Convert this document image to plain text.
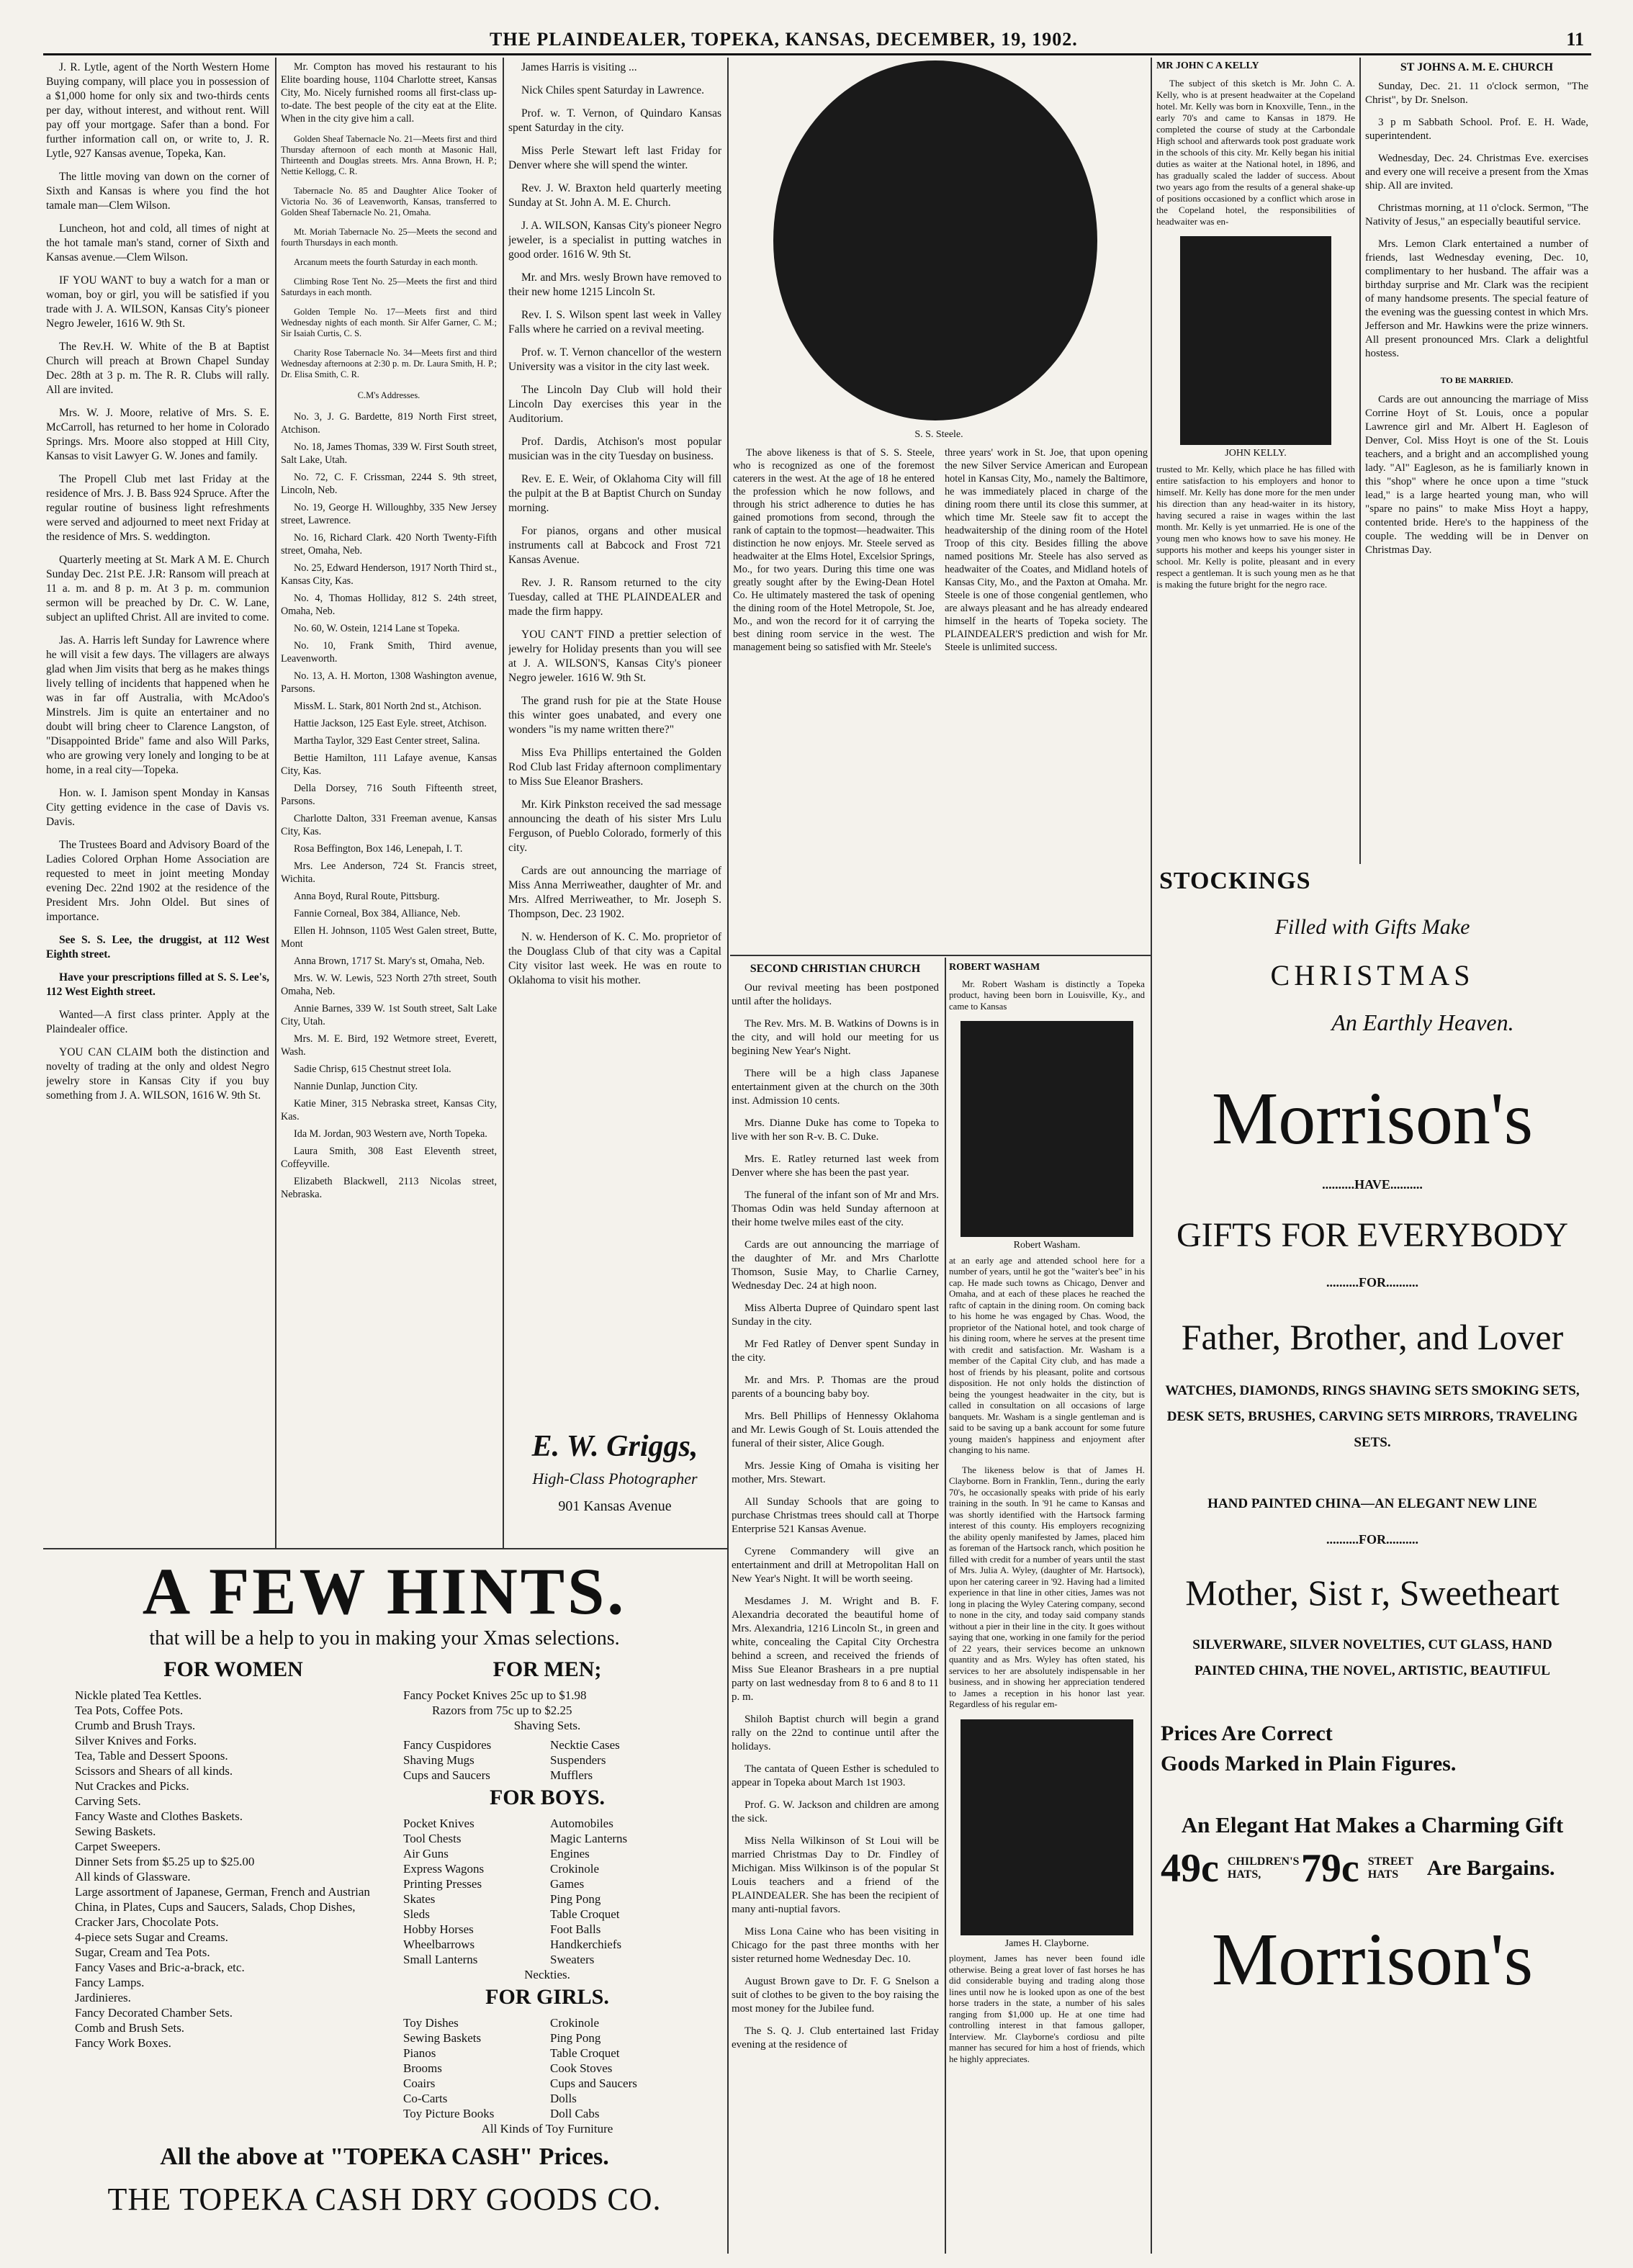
THE PLAINDEALER, TOPEKA, KANSAS, DECEMBER, 19, 1902.	11

J. R. Lytle, agent of the North Western Home Buying company, will place you in possession of a $1,000 home for only six and two-thirds cents per day, without interest, and without rent. Will pay off your mortgage. Safer than a bond. For further information call on, or write to, J. R. Lytle, 927 Kansas avenue, Topeka, Kan.

The little moving van down on the corner of Sixth and Kansas is where you find the hot tamale man—Clem Wilson.

Luncheon, hot and cold, all times of night at the hot tamale man's stand, corner of Sixth and Kansas avenue.—Clem Wilson.

IF YOU WANT to buy a watch for a man or woman, boy or girl, you will be satisfied if you trade with J. A. WILSON, Kansas City's pioneer Negro Jeweler, 1616 W. 9th St.

The Rev.H. W. White of the B at Baptist Church will preach at Brown Chapel Sunday Dec. 28th at 3 p. m. The R. R. Clubs will rally. All are invited.

Mrs. W. J. Moore, relative of Mrs. S. E. McCarroll, has returned to her home in Colorado Springs. Mrs. Moore also stopped at Hill City, Kansas to visit Lawyer G. W. Jones and family.

The Propell Club met last Friday at the residence of Mrs. J. B. Bass 924 Spruce. After the regular routine of business light refreshments were served and adjourned to meet next Friday at the residence of Mrs. S. weddington.

Quarterly meeting at St. Mark A M. E. Church Sunday Dec. 21st P.E. J.R: Ransom will preach at 11 a. m. and 8 p. m. At 3 p. m. communion sermon will be preached by Dr. C. W. Lane, subject an uplifted Christ. All are invited to come.

Jas. A. Harris left Sunday for Lawrence where he will visit a few days. The villagers are always glad when Jim visits that berg as he makes things lively telling of incidents that happened when he was in far off Australia, with McAdoo's Minstrels. Jim is quite an entertainer and no doubt will bring cheer to Clarence Langston, of "Disappointed Bride" fame and also Will Parks, who are growing very lonely and longing to be at home, in a real city—Topeka.

Hon. w. I. Jamison spent Monday in Kansas City getting evidence in the case of Davis vs. Davis.

The Trustees Board and Advisory Board of the Ladies Colored Orphan Home Association are requested to meet in joint meeting Monday evening Dec. 22nd 1902 at the residence of the President Mrs. John Oldel. But sines of importance.

See S. S. Lee, the druggist, at 112 West Eighth street.

Have your prescriptions filled at S. S. Lee's, 112 West Eighth street.

Wanted—A first class printer. Apply at the Plaindealer office.

YOU CAN CLAIM both the distinction and novelty of trading at the only and oldest Negro jewelry store in Kansas City if you buy something from J. A. WILSON, 1616 W. 9th St.

Mr. Compton has moved his restaurant to his Elite boarding house, 1104 Charlotte street, Kansas City, Mo. Nicely furnished rooms all first-class up-to-date. The best people of the city eat at the Elite. When in the city give him a call.

Golden Sheaf Tabernacle No. 21—Meets first and third Thursday afternoon of each month at Masonic Hall, Thirteenth and Douglas streets. Mrs. Anna Brown, H. P.; Nettie Kellogg, C. R.

Tabernacle No. 85 and Daughter Alice Tooker of Victoria No. 36 of Leavenworth, Kansas, transferred to Golden Sheaf Tabernacle No. 21, Omaha.

Mt. Moriah Tabernacle No. 25—Meets the second and fourth Thursdays in each month.

Arcanum meets the fourth Saturday in each month.

Climbing Rose Tent No. 25—Meets the first and third Saturdays in each month.

Golden Temple No. 17—Meets first and third Wednesday nights of each month. Sir Alfer Garner, C. M.; Sir Isaiah Curtis, C. S.

Charity Rose Tabernacle No. 34—Meets first and third Wednesday afternoons at 2:30 p. m. Dr. Laura Smith, H. P.; Dr. Elisa Smith, C. R.

C.M's Addresses.

No. 3, J. G. Bardette, 819 North First street, Atchison.

No. 18, James Thomas, 339 W. First South street, Salt Lake, Utah.

No. 72, C. F. Crissman, 2244 S. 9th street, Lincoln, Neb.

No. 19, George H. Willoughby, 335 New Jersey street, Lawrence.

No. 16, Richard Clark. 420 North Twenty-Fifth street, Omaha, Neb.

No. 25, Edward Henderson, 1917 North Third st., Kansas City, Kas.

No. 4, Thomas Holliday, 812 S. 24th street, Omaha, Neb.

No. 60, W. Ostein, 1214 Lane st Topeka.

No. 10, Frank Smith, Third avenue, Leavenworth.

No. 13, A. H. Morton, 1308 Washington avenue, Parsons.

MissM. L. Stark, 801 North 2nd st., Atchison.

Hattie Jackson, 125 East Eyle. street, Atchison.

Martha Taylor, 329 East Center street, Salina.

Bettie Hamilton, 111 Lafaye avenue, Kansas City, Kas.

Della Dorsey, 716 South Fifteenth street, Parsons.

Charlotte Dalton, 331 Freeman avenue, Kansas City, Kas.

Rosa Beffington, Box 146, Lenepah, I. T.

Mrs. Lee Anderson, 724 St. Francis street, Wichita.

Anna Boyd, Rural Route, Pittsburg.

Fannie Corneal, Box 384, Alliance, Neb.

Ellen H. Johnson, 1105 West Galen street, Butte, Mont

Anna Brown, 1717 St. Mary's st, Omaha, Neb.

Mrs. W. W. Lewis, 523 North 27th street, South Omaha, Neb.

Annie Barnes, 339 W. 1st South street, Salt Lake City, Utah.

Mrs. M. E. Bird, 192 Wetmore street, Everett, Wash.

Sadie Chrisp, 615 Chestnut street Iola.

Nannie Dunlap, Junction City.

Katie Miner, 315 Nebraska street, Kansas City, Kas.

Ida M. Jordan, 903 Western ave, North Topeka.

Laura Smith, 308 East Eleventh street, Coffeyville.

Elizabeth Blackwell, 2113 Nicolas street, Nebraska.

James Harris is visiting ...

Nick Chiles spent Saturday in Lawrence.

Prof. w. T. Vernon, of Quindaro Kansas spent Saturday in the city.

Miss Perle Stewart left last Friday for Denver where she will spend the winter.

Rev. J. W. Braxton held quarterly meeting Sunday at St. John A. M. E. Church.

J. A. WILSON, Kansas City's pioneer Negro jeweler, is a specialist in putting watches in good order. 1616 W. 9th St.

Mr. and Mrs. wesly Brown have removed to their new home 1215 Lincoln St.

Rev. I. S. Wilson spent last week in Valley Falls where he carried on a revival meeting.

Prof. w. T. Vernon chancellor of the western University was a visitor in the city last week.

The Lincoln Day Club will hold their Lincoln Day exercises this year in the Auditorium.

Prof. Dardis, Atchison's most popular musician was in the city Tuesday on business.

Rev. E. E. Weir, of Oklahoma City will fill the pulpit at the B at Baptist Church on Sunday morning.

For pianos, organs and other musical instruments call at Babcock and Frost 721 Kansas Avenue.

Rev. J. R. Ransom returned to the city Tuesday, called at THE PLAINDEALER and made the firm happy.

YOU CAN'T FIND a prettier selection of jewelry for Holiday presents than you will see at J. A. WILSON'S, Kansas City's pioneer Negro jeweler. 1616 W. 9th St.

The grand rush for pie at the State House this winter goes unabated, and every one wonders "is my name written there?"

Miss Eva Phillips entertained the Golden Rod Club last Friday afternoon complimentary to Miss Sue Eleanor Brashers.

Mr. Kirk Pinkston received the sad message announcing the death of his sister Mrs Lulu Ferguson, of Pueblo Colorado, formerly of this city.

Cards are out announcing the marriage of Miss Anna Merriweather, daughter of Mr. and Mrs. Alfred Merriweather, to Mr. Joseph S. Thompson, Dec. 23 1902.

N. w. Henderson of K. C. Mo. proprietor of the Douglass Club of that city was a Capital City visitor last week. He was en route to Oklahoma to visit his mother.

E. W. Griggs,
High-Class Photographer
901 Kansas Avenue
S. S. Steele.

The above likeness is that of S. S. Steele, who is recognized as one of the foremost caterers in the west. At the age of 18 he entered the profession which he now follows, and through his strict adherence to duties he has gained promotions from second, through the rank of captain to the topmost—headwaiter. This distinction he now enjoys. Mr. Steele served as headwaiter at the Elms Hotel, Excelsior Springs, Mo., for two years. During this time one was greatly sought after by the Ewing-Dean Hotel Co. He ultimately mastered the task of opening the dining room of the Hotel Metropole, St. Joe, Mo., and won the record for it of carrying the best dining room service in the west. The management being so satisfied with Mr. Steele's

three years' work in St. Joe, that upon opening the new Silver Service American and European hotel in Kansas City, Mo., namely the Baltimore, he was immediately placed in charge of the dining room there until its close this summer, at which time Mr. Steele saw fit to accept the headwaitership of the dining room of the Hotel Troop of this city. Besides filling the above named positions Mr. Steele has also served as headwaiter of the Coates, and Midland hotels of Kansas City, Mo., and the Paxton at Omaha. Mr. Steele is one of those congenial gentlemen, who are always pleasant and he has already endeared himself in the hearts of Topeka society. The PLAINDEALER'S prediction and wish for Mr. Steele is unlimited success.

SECOND CHRISTIAN CHURCH

Our revival meeting has been postponed until after the holidays.

The Rev. Mrs. M. B. Watkins of Downs is in the city, and will hold our meeting for us begining New Year's Night.

There will be a high class Japanese entertainment given at the church on the 30th inst. Admission 10 cents.

Mrs. Dianne Duke has come to Topeka to live with her son R-v. B. C. Duke.

Mrs. E. Ratley returned last week from Denver where she has been the past year.

The funeral of the infant son of Mr and Mrs. Thomas Odin was held Sunday afternoon at their home twelve miles east of the city.

Cards are out announcing the marriage of the daughter of Mr. and Mrs Charlotte Thomson, Susie May, to Charlie Carney, Wednesday Dec. 24 at high noon.

Miss Alberta Dupree of Quindaro spent last Sunday in the city.

Mr Fed Ratley of Denver spent Sunday in the city.

Mr. and Mrs. P. Thomas are the proud parents of a bouncing baby boy.

Mrs. Bell Phillips of Hennessy Oklahoma and Mr. Lewis Gough of St. Louis attended the funeral of their sister, Alice Gough.

Mrs. Jessie King of Omaha is visiting her mother, Mrs. Stewart.

All Sunday Schools that are going to purchase Christmas trees should call at Thorpe Enterprise 521 Kansas Avenue.

Cyrene Commandery will give an entertainment and drill at Metropolitan Hall on New Year's Night. It will be worth seeing.

Mesdames J. M. Wright and B. F. Alexandria decorated the beautiful home of Mrs. Alexandria, 1216 Lincoln St., in green and white, concealing the Capital City Orchestra behind a screen, and received the friends of Miss Sue Eleanor Brashears in a pre nuptial party on last wednesday from 8 to 6 and 8 to 11 p. m.

Shiloh Baptist church will begin a grand rally on the 22nd to continue until after the holidays.

The cantata of Queen Esther is scheduled to appear in Topeka about March 1st 1903.

Prof. G. W. Jackson and children are among the sick.

Miss Nella Wilkinson of St Loui will be married Christmas Day to Dr. Findley of Michigan. Miss Wilkinson is of the popular St Louis teachers and a friend of the PLAINDEALER. She has been the recipient of many anti-nuptial favors.

Miss Lona Caine who has been visiting in Chicago for the past three months with her sister returned home Wednesday Dec. 10.

August Brown gave to Dr. F. G Snelson a suit of clothes to be given to the boy raising the most money for the Jubilee fund.

The S. Q. J. Club entertained last Friday evening at the residence of

ROBERT WASHAM

Mr. Robert Washam is distinctly a Topeka product, having been born in Louisville, Ky., and came to Kansas

Robert Washam.

at an early age and attended school here for a number of years, until he got the "waiter's bee" in his cap. He made such towns as Chicago, Denver and Omaha, and at each of these places he reached the raftc of captain in the dining room. On coming back to his home he was engaged by Chas. Wood, the proprietor of the National hotel, and took charge of his dining room, where he serves at the present time with credit and satisfaction. Mr. Washam is a member of the Capital City club, and has made a host of friends by his pleasant, polite and cortsous disposition. He not only holds the distinction of being the youngest headwaiter in the city, but is called in consultation on all occasions of large banquets. Mr. Washam is a single gentleman and is said to be saving up a bank account for some future young maiden's happiness and enjoyment after changing to his name.

The likeness below is that of James H. Clayborne. Born in Franklin, Tenn., during the early 70's, he occasionally speaks with pride of his early training in the south. In '91 he came to Kansas and was shortly identified with the Hartsock farming interest of this county. His employers recognizing the ability openly manifested by James, placed him as foreman of the Hartsock ranch, which position he filled with credit for a number of years until the stast of Mrs. Julia A. Wyley, (daughter of Mr. Hartsock), upon her catering career in '92. Having had a limited experience in that line in other cities, James was not long in placing the Wyley Catering company, second to none in the city, and today said company stands without a pier in their line in the city. It goes without saying that one, working in one family for the period of 22 years, their services become an unknown quantity and as Mrs. Wyley has often stated, his services to her are absolutely indispensable in her business, and in showing her appreciation tendered to James a reception in his honor last year. Regardless of his regular em-

James H. Clayborne.

ployment, James has never been found idle otherwise. Being a great lover of fast horses he has did considerable buying and trading along those lines until now he is looked upon as one of the best horse traders in the state, a number of his sales ranging from $1,000 up. He at one time had controlling interest in that famous galloper, Interview. Mr. Clayborne's cordiosu and pilte manner has secured for him a host of friends, which he highly appreciates.

MR JOHN C A KELLY

The subject of this sketch is Mr. John C. A. Kelly, who is at present headwaiter at the Copeland hotel. Mr. Kelly was born in Knoxville, Tenn., in the early 70's and came to Kansas in 1879. He completed the course of study at the Carbondale High school and afterwards took post graduate work in the schools of this city. Mr. Kelly began his initial duties as waiter at the National hotel, in 1896, and has gradually scaled the ladder of success. About two years ago from the results of a general shake-up of positions occasioned by a conflict which arose in the Copeland hotel, the responsibilities of headwaiter was en-

JOHN KELLY.

trusted to Mr. Kelly, which place he has filled with entire satisfaction to his employers and honor to himself. Mr. Kelly has done more for the men under his direction than any head-waiter in its history, having secured a raise in wages within the last month. Mr. Kelly is yet unmarried. He is one of the young men who knows how to save his money. He supports his mother and keeps his younger sister in school. Mr. Kelly is polite, pleasant and in every respect a gentleman. It is such young men as he that is making the future bright for the negro race.

ST JOHNS A. M. E. CHURCH

Sunday, Dec. 21. 11 o'clock sermon, "The Christ", by Dr. Snelson.

3 p m Sabbath School. Prof. E. H. Wade, superintendent.

Wednesday, Dec. 24. Christmas Eve. exercises and every one will receive a present from the Xmas ship. All are invited.

Christmas morning, at 11 o'clock. Sermon, "The Nativity of Jesus," an especially beautiful service.

Mrs. Lemon Clark entertained a number of friends, last Wednesday evening, Dec. 10, complimentary to her husband. The affair was a birthday surprise and Mr. Clark was the recipient of many handsome presents. The special feature of the evening was the guessing contest in which Mrs. Jefferson and Mr. Hawkins were the prize winners. All present pronounced Mrs. Clark a delightful hostess.

TO BE MARRIED.

Cards are out announcing the marriage of Miss Corrine Hoyt of St. Louis, once a popular Lawrence girl and Mr. Albert H. Eagleson of Denver, Col. Miss Hoyt is one of the St. Louis teachers, and a bright and an accomplished young lady. "Al" Eagleson, as he is familiarly known in this "shop" where he once upon a time "stuck lead," is a large hearted young man, who will "spare no pains" to make Miss Hoyt a happy, contented bride. Here's to the happiness of the couple. The wedding will be in Denver on Christmas Day.

STOCKINGS
Filled with Gifts Make
CHRISTMAS
An Earthly Heaven.
Morrison's
..........HAVE..........
GIFTS FOR EVERYBODY
..........FOR..........
Father, Brother, and Lover
WATCHES, DIAMONDS, RINGS SHAVING SETS SMOKING SETS, DESK SETS, BRUSHES, CARVING SETS MIRRORS, TRAVELING SETS.
HAND PAINTED CHINA—AN ELEGANT NEW LINE
..........FOR..........
Mother, Sist r, Sweetheart
SILVERWARE, SILVER NOVELTIES, CUT GLASS, HAND PAINTED CHINA, THE NOVEL, ARTISTIC, BEAUTIFUL
Prices Are Correct
Goods Marked in Plain Figures.
An Elegant Hat Makes a Charming Gift
49c CHILDREN'S HATS, 79c STREET HATS	Are Bargains.
Morrison's
A FEW HINTS.
that will be a help to you in making your Xmas selections.
FOR WOMEN

Nickle plated Tea Kettles.

Tea Pots, Coffee Pots.

Crumb and Brush Trays.

Silver Knives and Forks.

Tea, Table and Dessert Spoons.

Scissors and Shears of all kinds.

Nut Crackes and Picks.

Carving Sets.

Fancy Waste and Clothes Baskets.

Sewing Baskets.

Carpet Sweepers.

Dinner Sets from $5.25 up to $25.00

All kinds of Glassware.

Large assortment of Japanese, German, French and Austrian China, in Plates, Cups and Saucers, Salads, Chop Dishes, Cracker Jars, Chocolate Pots.

4-piece sets Sugar and Creams.

Sugar, Cream and Tea Pots.

Fancy Vases and Bric-a-brack, etc.

Fancy Lamps.

Jardinieres.

Fancy Decorated Chamber Sets.

Comb and Brush Sets.

Fancy Work Boxes.

FOR MEN;

Fancy Pocket Knives 25c up to $1.98

Razors from 75c up to $2.25

Shaving Sets.

Fancy Cuspidores

Shaving Mugs

Cups and Saucers

Necktie Cases

Suspenders

Mufflers

FOR BOYS.

Pocket Knives

Tool Chests

Air Guns

Express Wagons

Printing Presses

Skates

Sleds

Hobby Horses

Wheelbarrows

Small Lanterns

Automobiles

Magic Lanterns

Engines

Crokinole

Games

Ping Pong

Table Croquet

Foot Balls

Handkerchiefs

Sweaters

Neckties.

FOR GIRLS.

Toy Dishes

Sewing Baskets

Pianos

Brooms

Coairs

Co-Carts

Toy Picture Books

Crokinole

Ping Pong

Table Croquet

Cook Stoves

Cups and Saucers

Dolls

Doll Cabs

All Kinds of Toy Furniture

All the above at "TOPEKA CASH" Prices.
THE TOPEKA CASH DRY GOODS CO.
